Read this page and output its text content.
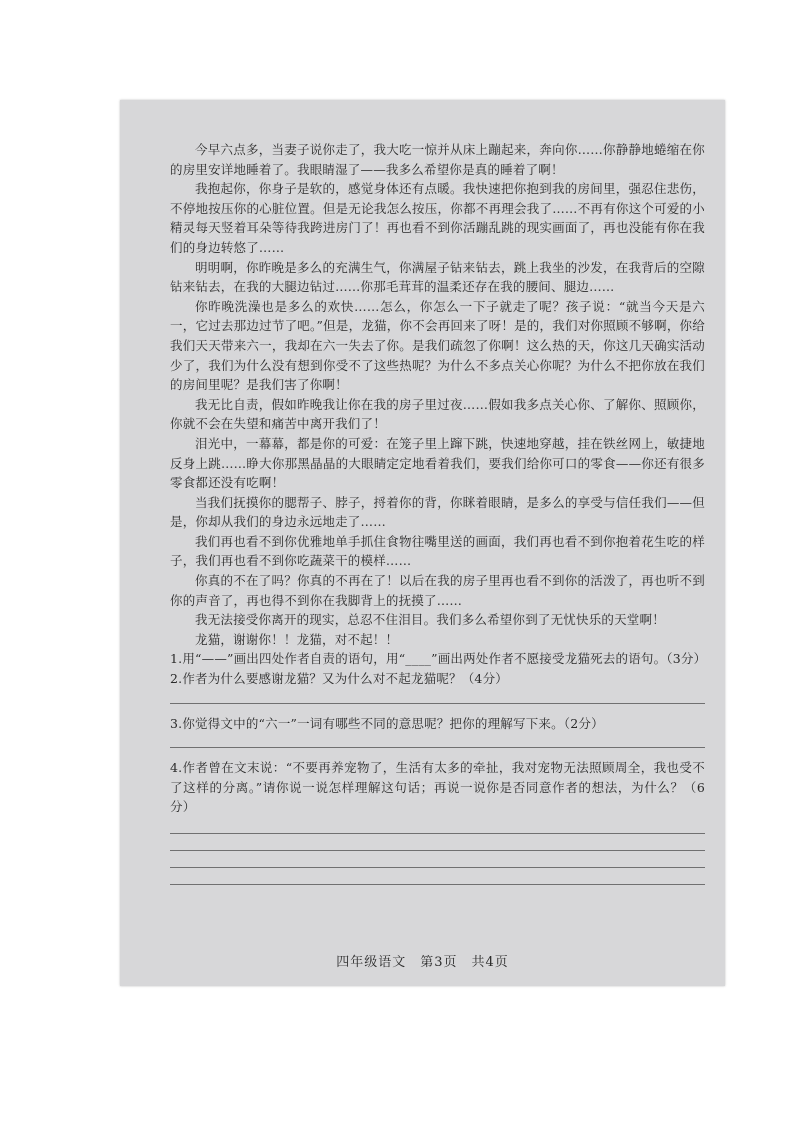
今早六点多，当妻子说你走了，我大吃一惊并从床上蹦起来，奔向你……你静静地蜷缩在你的房里安详地睡着了。我眼睛湿了——我多么希望你是真的睡着了啊！

我抱起你，你身子是软的，感觉身体还有点暖。我快速把你抱到我的房间里，强忍住悲伤，不停地按压你的心脏位置。但是无论我怎么按压，你都不再理会我了……不再有你这个可爱的小精灵每天竖着耳朵等待我跨进房门了！再也看不到你活蹦乱跳的现实画面了，再也没能有你在我们的身边转悠了……

明明啊，你昨晚是多么的充满生气，你满屋子钻来钻去，跳上我坐的沙发，在我背后的空隙钻来钻去，在我的大腿边钻过……你那毛茸茸的温柔还存在我的腰间、腿边……

你昨晚洗澡也是多么的欢快……怎么，你怎么一下子就走了呢？孩子说：“就当今天是六一，它过去那边过节了吧。”但是，龙猫，你不会再回来了呀！是的，我们对你照顾不够啊，你给我们天天带来六一，我却在六一失去了你。是我们疏忽了你啊！这么热的天，你这几天确实活动少了，我们为什么没有想到你受不了这些热呢？为什么不多点关心你呢？为什么不把你放在我们的房间里呢？是我们害了你啊！

我无比自责，假如昨晚我让你在我的房子里过夜……假如我多点关心你、了解你、照顾你，你就不会在失望和痛苦中离开我们了！

泪光中，一幕幕，都是你的可爱：在笼子里上蹿下跳，快速地穿越，挂在铁丝网上，敏捷地反身上跳……睁大你那黑晶晶的大眼睛定定地看着我们，要我们给你可口的零食——你还有很多零食都还没有吃啊！

当我们抚摸你的腮帮子、脖子，捋着你的背，你眯着眼睛，是多么的享受与信任我们——但是，你却从我们的身边永远地走了……

我们再也看不到你优雅地单手抓住食物往嘴里送的画面，我们再也看不到你抱着花生吃的样子，我们再也看不到你吃蔬菜干的模样……

你真的不在了吗？你真的不再在了！以后在我的房子里再也看不到你的活泼了，再也听不到你的声音了，再也得不到你在我脚背上的抚摸了……

我无法接受你离开的现实，总忍不住泪目。我们多么希望你到了无忧快乐的天堂啊！

龙猫，谢谢你！！龙猫，对不起！！

1.用“——”画出四处作者自责的语句，用“____”画出两处作者不愿接受龙猫死去的语句。（3分）

2.作者为什么要感谢龙猫？又为什么对不起龙猫呢？（4分）

3.你觉得文中的“六一”一词有哪些不同的意思呢？把你的理解写下来。（2分）

4.作者曾在文末说：“不要再养宠物了，生活有太多的牵扯，我对宠物无法照顾周全，我也受不了这样的分离。”请你说一说怎样理解这句话；再说一说你是否同意作者的想法，为什么？（6分）

四年级语文　第3页　共4页
